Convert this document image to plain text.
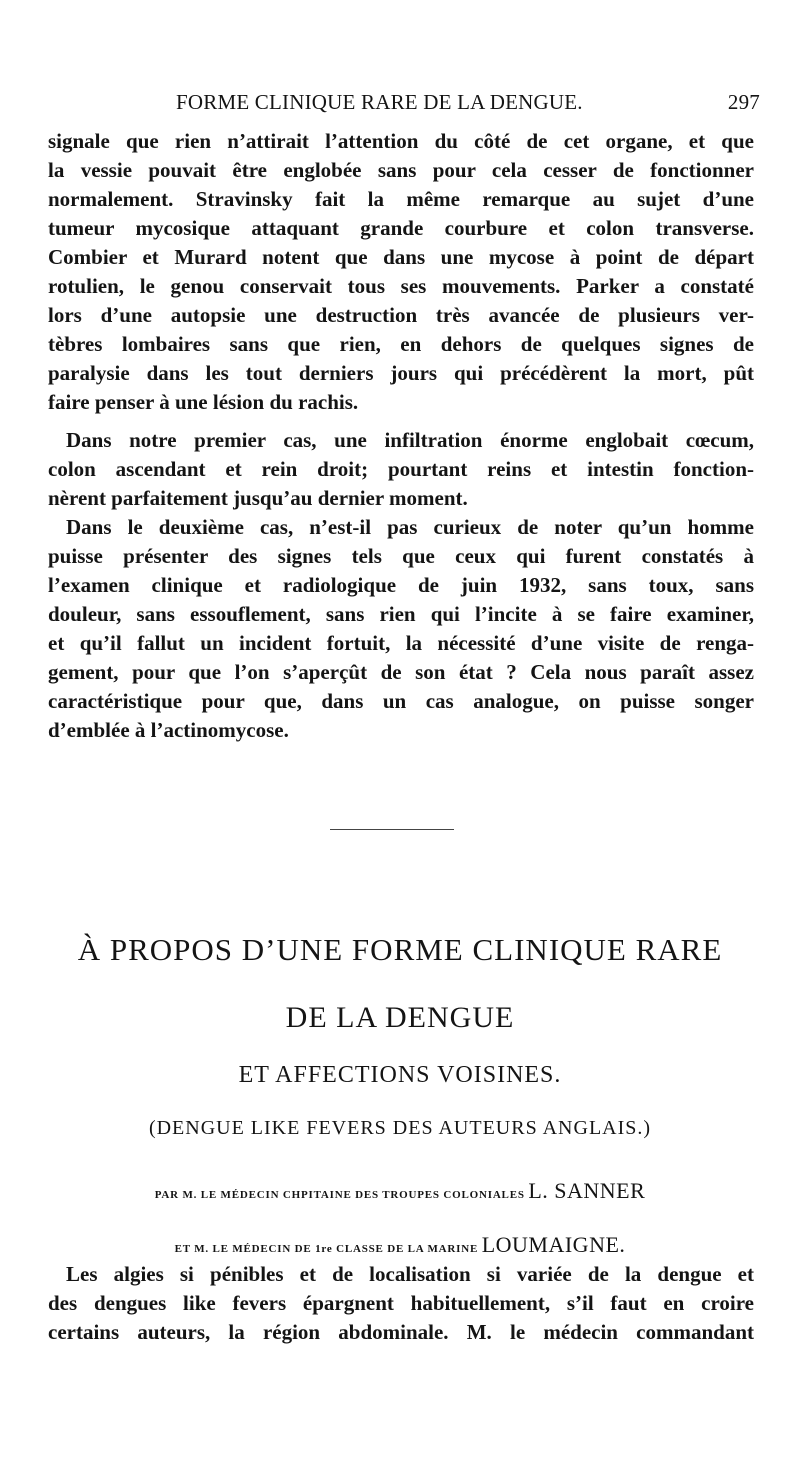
FORME CLINIQUE RARE DE LA DENGUE.	297
signale que rien n’attirait l’attention du côté de cet organe, et que
la vessie pouvait être englobée sans pour cela cesser de fonctionner
normalement. Stravinsky fait la même remarque au sujet d’une
tumeur mycosique attaquant grande courbure et colon transverse.
Combier et Murard notent que dans une mycose à point de départ
rotulien, le genou conservait tous ses mouvements. Parker a constaté
lors d’une autopsie une destruction très avancée de plusieurs ver-
tèbres lombaires sans que rien, en dehors de quelques signes de
paralysie dans les tout derniers jours qui précédèrent la mort, pût
faire penser à une lésion du rachis.
Dans notre premier cas, une infiltration énorme englobait cœcum,
colon ascendant et rein droit; pourtant reins et intestin fonction-
nèrent parfaitement jusqu’au dernier moment.
Dans le deuxième cas, n’est-il pas curieux de noter qu’un homme
puisse présenter des signes tels que ceux qui furent constatés à
l’examen clinique et radiologique de juin 1932, sans toux, sans
douleur, sans essouflement, sans rien qui l’incite à se faire examiner,
et qu’il fallut un incident fortuit, la nécessité d’une visite de renga-
gement, pour que l’on s’aperçût de son état ? Cela nous paraît assez
caractéristique pour que, dans un cas analogue, on puisse songer
d’emblée à l’actinomycose.
À PROPOS D’UNE FORME CLINIQUE RARE
DE LA DENGUE
ET AFFECTIONS VOISINES.
(DENGUE LIKE FEVERS DES AUTEURS ANGLAIS.)
PAR M. LE MÉDECIN CHPITAINE DES TROUPES COLONIALES L. SANNER
ET M. LE MÉDECIN DE 1re CLASSE DE LA MARINE LOUMAIGNE.
Les algies si pénibles et de localisation si variée de la dengue et
des dengues like fevers épargnent habituellement, s’il faut en croire
certains auteurs, la région abdominale. M. le médecin commandant
